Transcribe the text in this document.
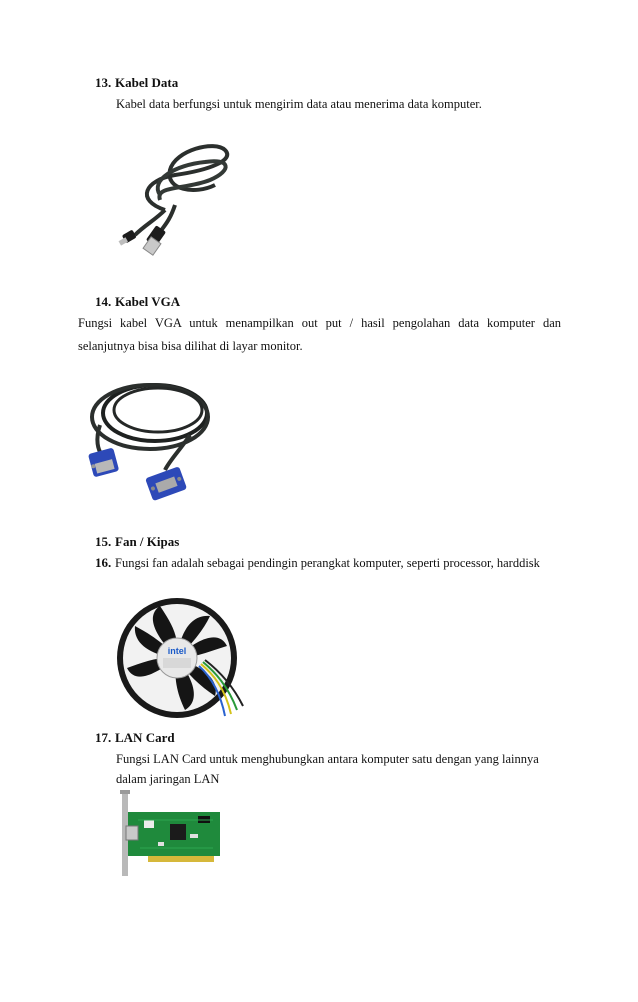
13. Kabel Data
Kabel data berfungsi untuk mengirim data atau menerima data komputer.
14. Kabel VGA
Fungsi kabel VGA untuk menampilkan out put / hasil pengolahan data komputer dan
selanjutnya bisa bisa dilihat di layar monitor.
15. Fan / Kipas
16. Fungsi fan adalah sebagai pendingin perangkat komputer, seperti processor, harddisk
intel
17. LAN Card
Fungsi LAN Card untuk menghubungkan antara komputer satu dengan yang lainnya
dalam jaringan LAN
